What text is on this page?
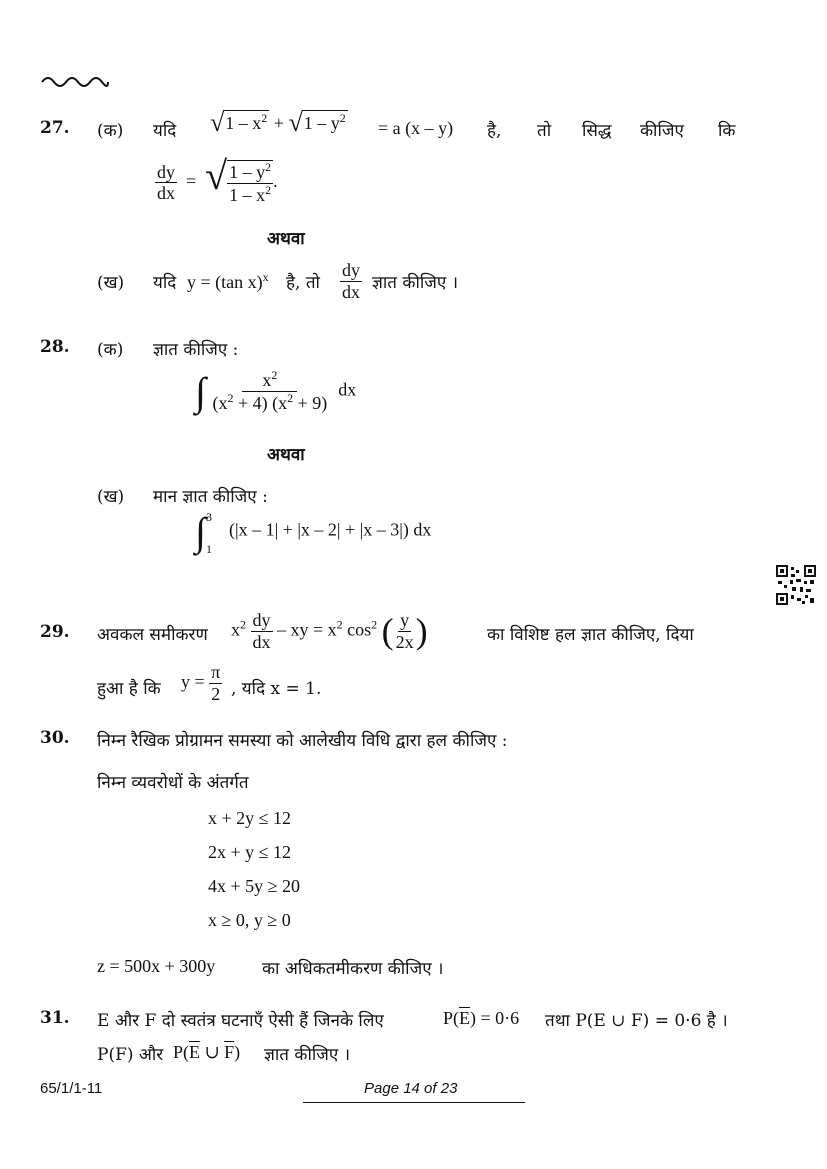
27. (क) यदि $√1 - x^2 + √1 - y^2 = a$ (x – y) है, तो सिद्ध कीजिए कि
$\frac{dy}{dx}$ =  √ $\frac{1 - y^2}{1 - x^2}$ .
अथवा
(ख) यदि y = (tan x)$^x$ है, तो $\frac{dy}{dx}$ ज्ञात कीजिए ।
28. (क) ज्ञात कीजिए :
∫ $\frac{x^2}{(x^2 + 4) (x^2 + 9)}$ dx
अथवा
(ख) मान ज्ञात कीजिए :
∫ 3
1
(|x – 1| + |x – 2| + |x – 3|) dx
29. अवकल समीकरण $x^2 \frac{dy}{dx}$ – xy = $x^2$ $\cos^2$ ( $\frac{y}{2x}$ )	का विशिष्ट हल ज्ञात कीजिए, दिया
हुआ है कि $y = \frac{\pi}{2}$ , यदि x = 1.
30. निम्न रैखिक प्रोग्रामन समस्या को आलेखीय विधि द्वारा हल कीजिए :
निम्न व्यवरोधों के अंतर्गत
x + 2y ≤ 12
2x + y ≤ 12
4x + 5y ≥ 20
x ≥ 0, y ≥ 0
z = 500x + 300y	का अधिकतमीकरण कीजिए ।
31. E और F दो स्वतंत्र घटनाएँ ऐसी हैं जिनके लिए	$P(\overline{E}) = 0\cdot 6$ तथा P(E ∪ F) = 0·6 है ।
P(F) और $P(\overline{E}$ ∪ $\overline{F}$) ज्ञात कीजिए ।
65/1/1-11	Page 14 of 23
